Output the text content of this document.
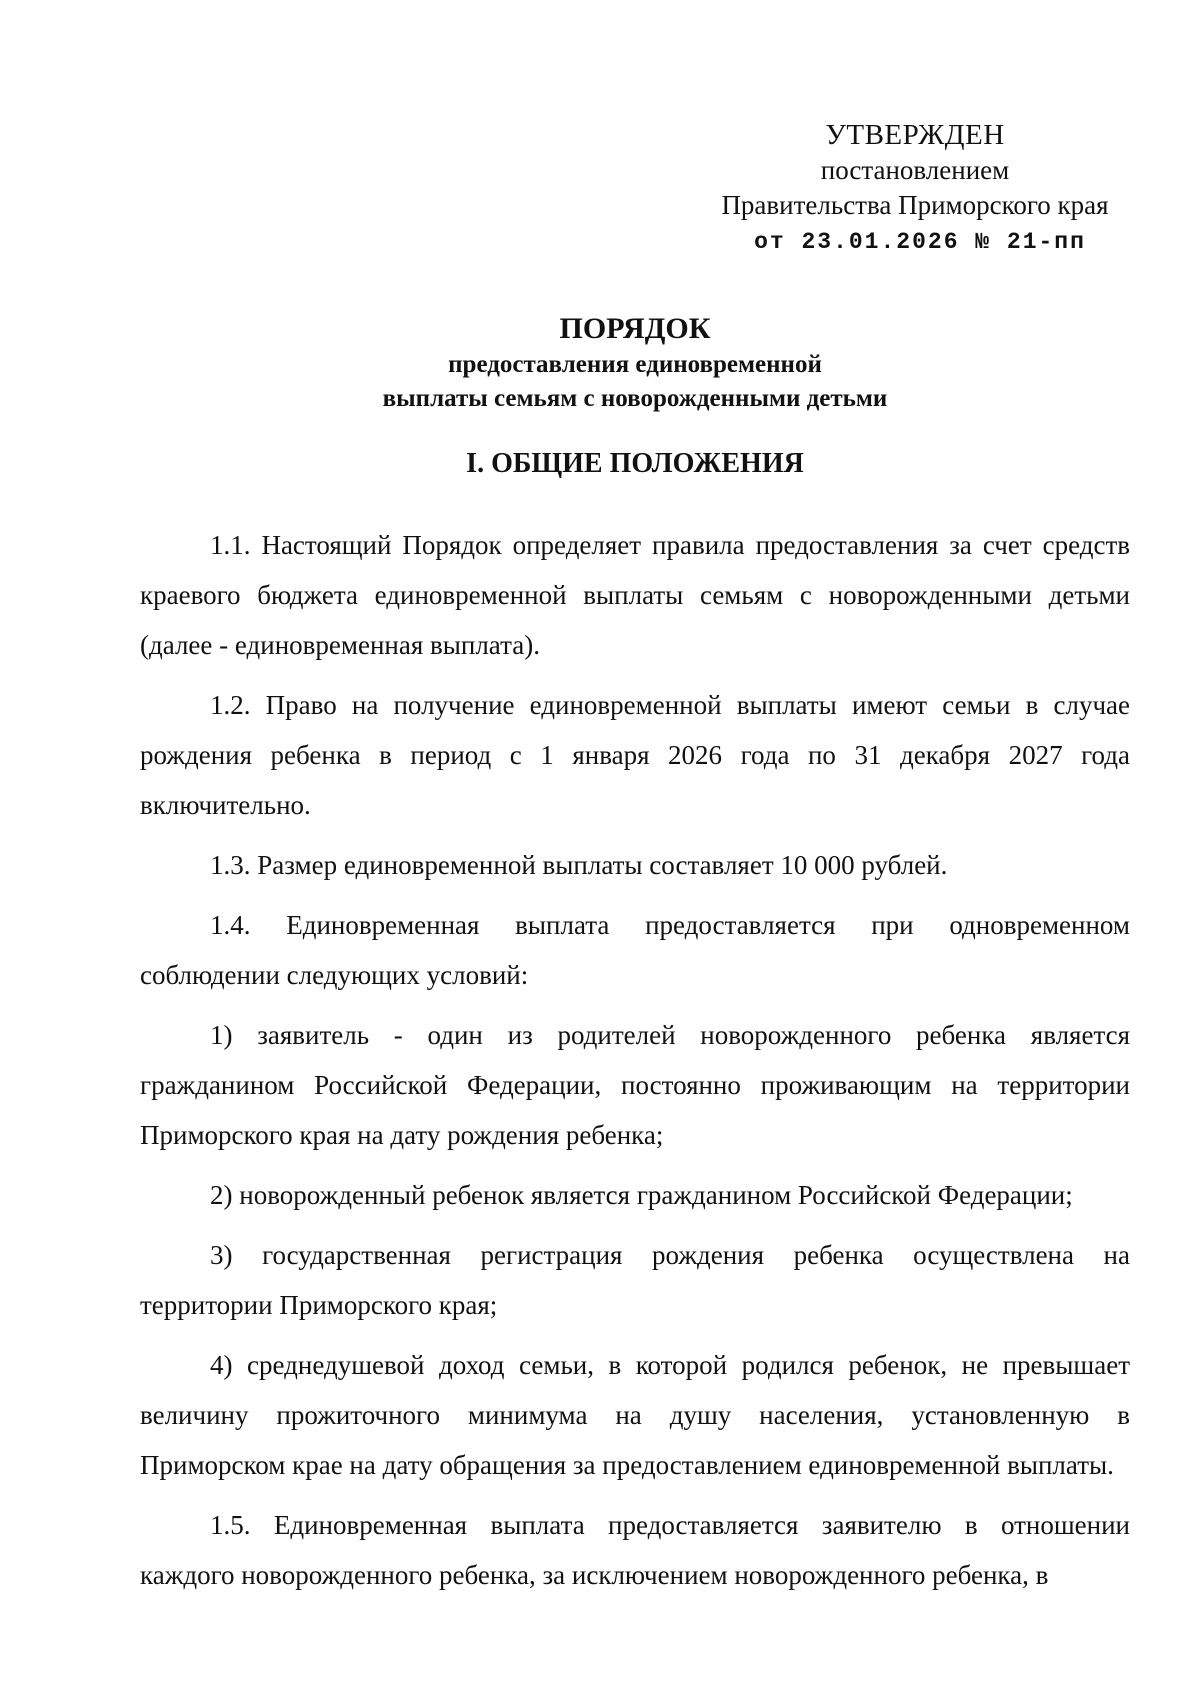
УТВЕРЖДЕН
постановлением
Правительства Приморского края
от 23.01.2026 № 21-пп
ПОРЯДОК
предоставления единовременной
выплаты семьям с новорожденными детьми
I. ОБЩИЕ ПОЛОЖЕНИЯ

1.1. Настоящий Порядок определяет правила предоставления за счет средств краевого бюджета единовременной выплаты семьям с новорожденными детьми (далее - единовременная выплата).

1.2. Право на получение единовременной выплаты имеют семьи в случае рождения ребенка в период с 1 января 2026 года по 31 декабря 2027 года включительно.

1.3. Размер единовременной выплаты составляет 10 000 рублей.

1.4. Единовременная выплата предоставляется при одновременном соблюдении следующих условий:

1) заявитель - один из родителей новорожденного ребенка является гражданином Российской Федерации, постоянно проживающим на территории Приморского края на дату рождения ребенка;

2) новорожденный ребенок является гражданином Российской Федерации;

3) государственная регистрация рождения ребенка осуществлена на территории Приморского края;

4) среднедушевой доход семьи, в которой родился ребенок, не превышает величину прожиточного минимума на душу населения, установленную в Приморском крае на дату обращения за предоставлением единовременной выплаты.

1.5. Единовременная выплата предоставляется заявителю в отношении каждого новорожденного ребенка, за исключением новорожденного ребенка, в
